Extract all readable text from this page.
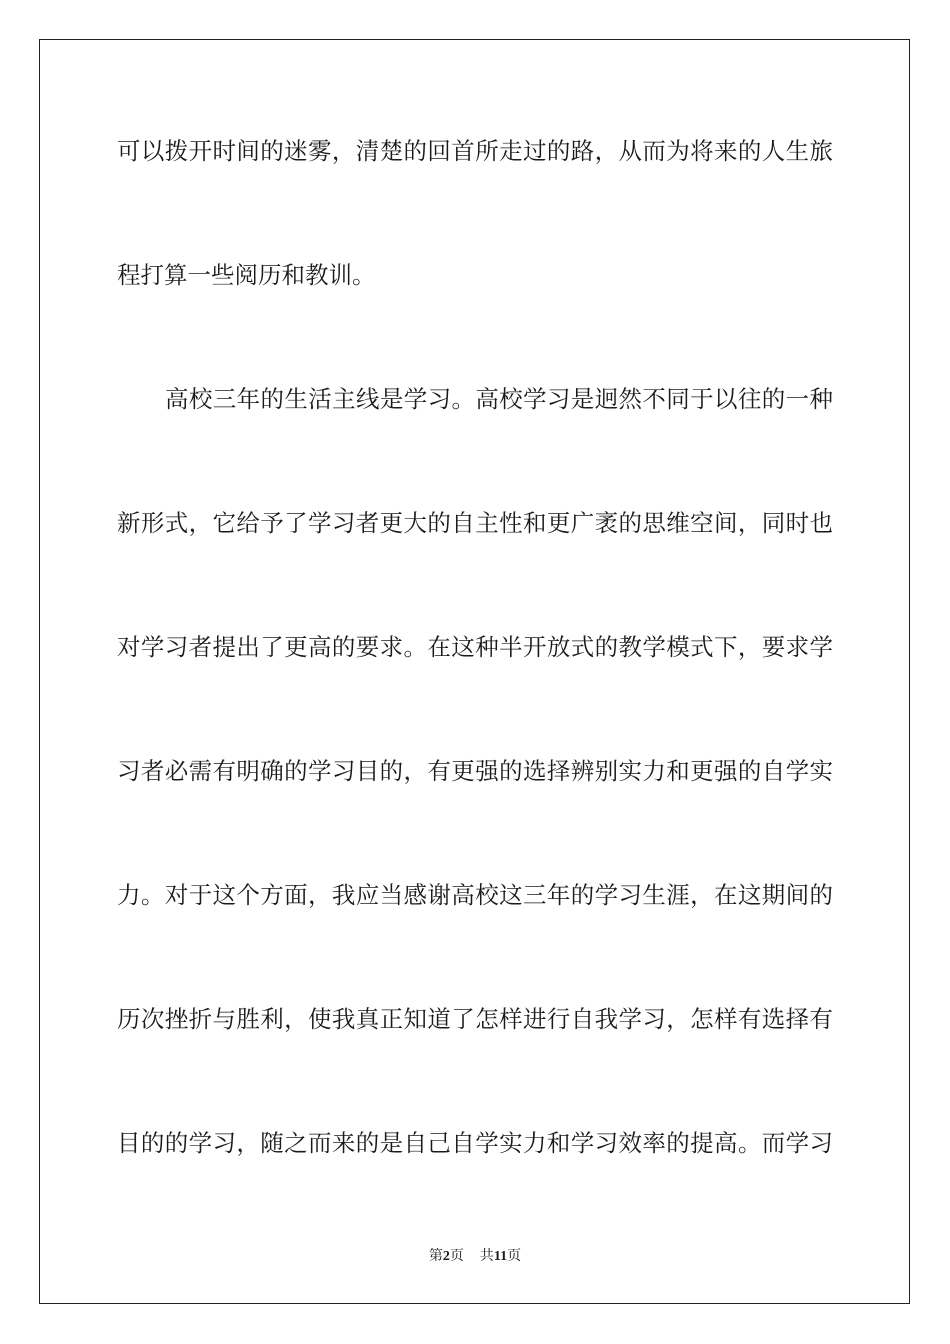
可以拨开时间的迷雾，清楚的回首所走过的路，从而为将来的人生旅
程打算一些阅历和教训。
高校三年的生活主线是学习。高校学习是迥然不同于以往的一种
新形式，它给予了学习者更大的自主性和更广袤的思维空间，同时也
对学习者提出了更高的要求。在这种半开放式的教学模式下，要求学
习者必需有明确的学习目的，有更强的选择辨别实力和更强的自学实
力。对于这个方面，我应当感谢高校这三年的学习生涯，在这期间的
历次挫折与胜利，使我真正知道了怎样进行自我学习，怎样有选择有
目的的学习，随之而来的是自己自学实力和学习效率的提高。而学习
第2页 共11页
